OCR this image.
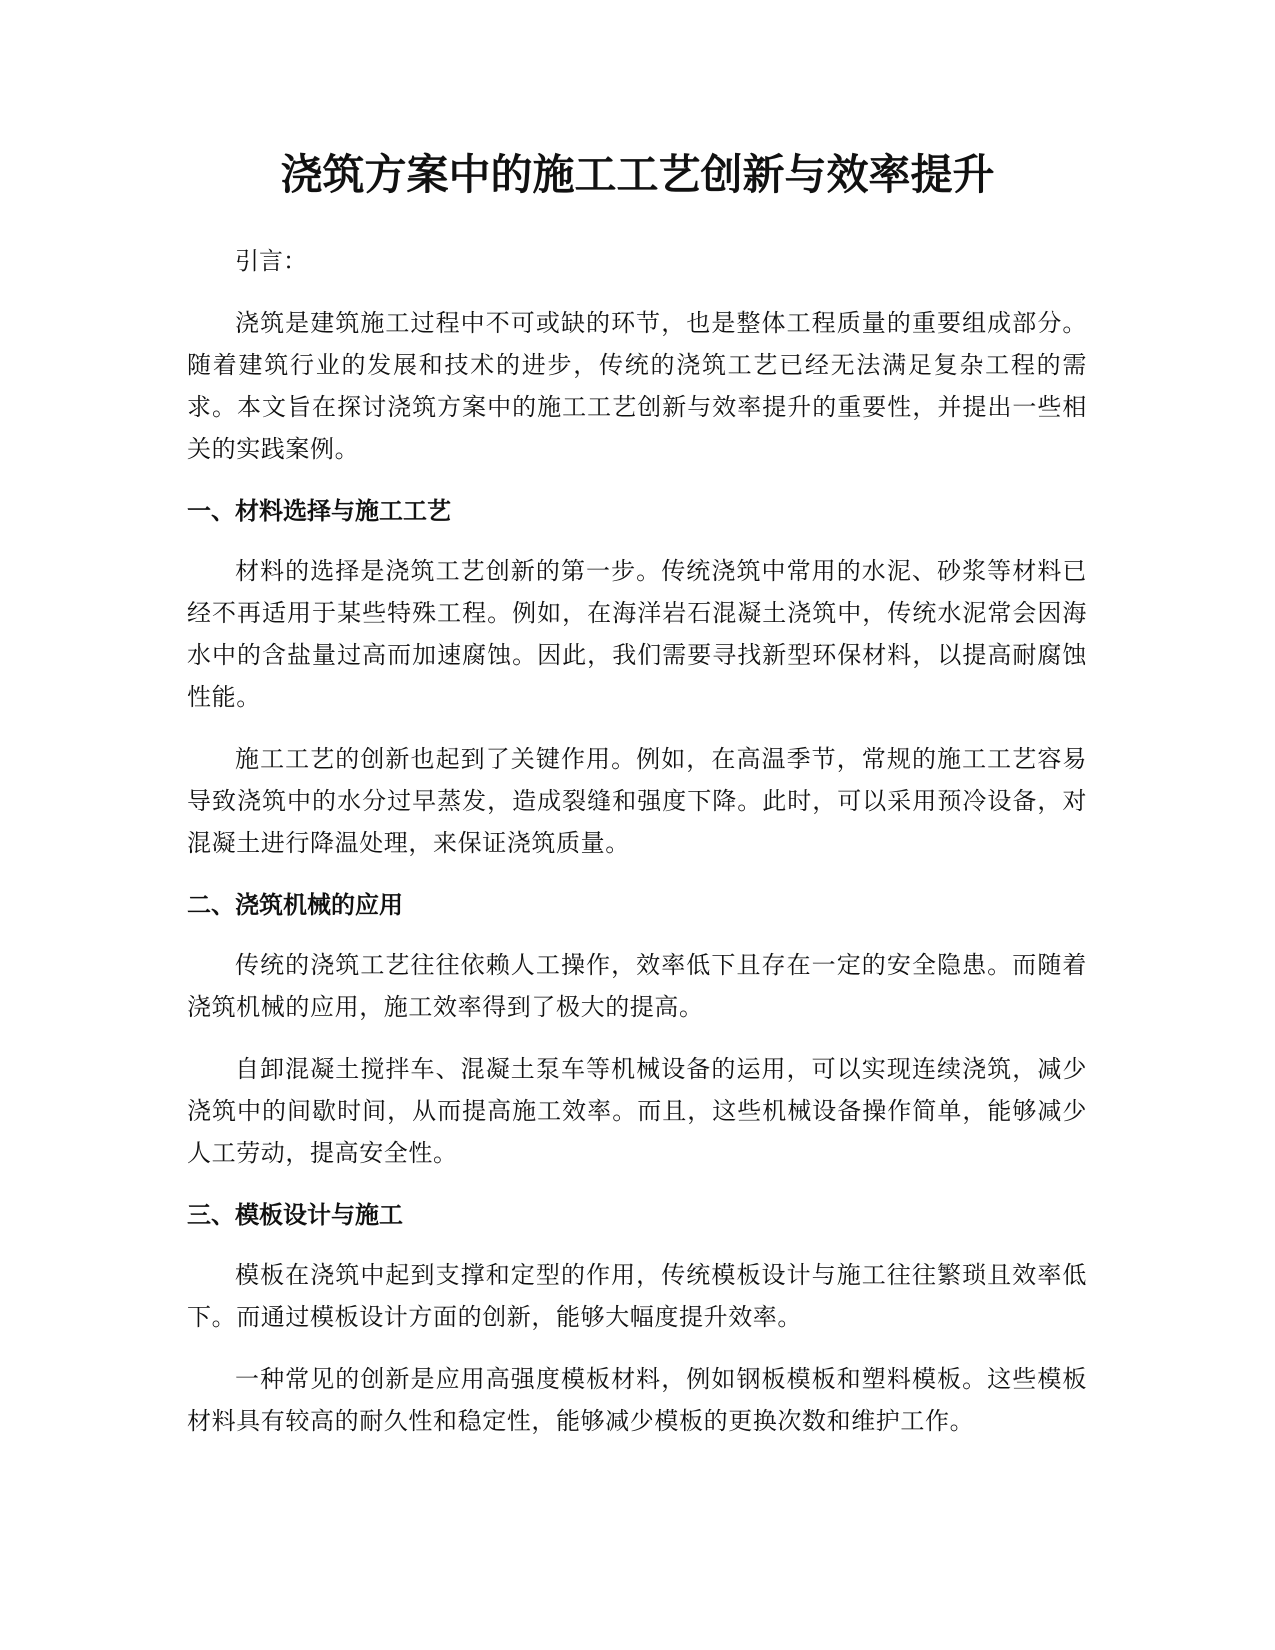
浇筑方案中的施工工艺创新与效率提升

引言：

浇筑是建筑施工过程中不可或缺的环节，也是整体工程质量的重要组成部分。随着建筑行业的发展和技术的进步，传统的浇筑工艺已经无法满足复杂工程的需求。本文旨在探讨浇筑方案中的施工工艺创新与效率提升的重要性，并提出一些相关的实践案例。

一、材料选择与施工工艺

材料的选择是浇筑工艺创新的第一步。传统浇筑中常用的水泥、砂浆等材料已经不再适用于某些特殊工程。例如，在海洋岩石混凝土浇筑中，传统水泥常会因海水中的含盐量过高而加速腐蚀。因此，我们需要寻找新型环保材料，以提高耐腐蚀性能。

施工工艺的创新也起到了关键作用。例如，在高温季节，常规的施工工艺容易导致浇筑中的水分过早蒸发，造成裂缝和强度下降。此时，可以采用预冷设备，对混凝土进行降温处理，来保证浇筑质量。

二、浇筑机械的应用

传统的浇筑工艺往往依赖人工操作，效率低下且存在一定的安全隐患。而随着浇筑机械的应用，施工效率得到了极大的提高。

自卸混凝土搅拌车、混凝土泵车等机械设备的运用，可以实现连续浇筑，减少浇筑中的间歇时间，从而提高施工效率。而且，这些机械设备操作简单，能够减少人工劳动，提高安全性。

三、模板设计与施工

模板在浇筑中起到支撑和定型的作用，传统模板设计与施工往往繁琐且效率低下。而通过模板设计方面的创新，能够大幅度提升效率。

一种常见的创新是应用高强度模板材料，例如钢板模板和塑料模板。这些模板材料具有较高的耐久性和稳定性，能够减少模板的更换次数和维护工作。
